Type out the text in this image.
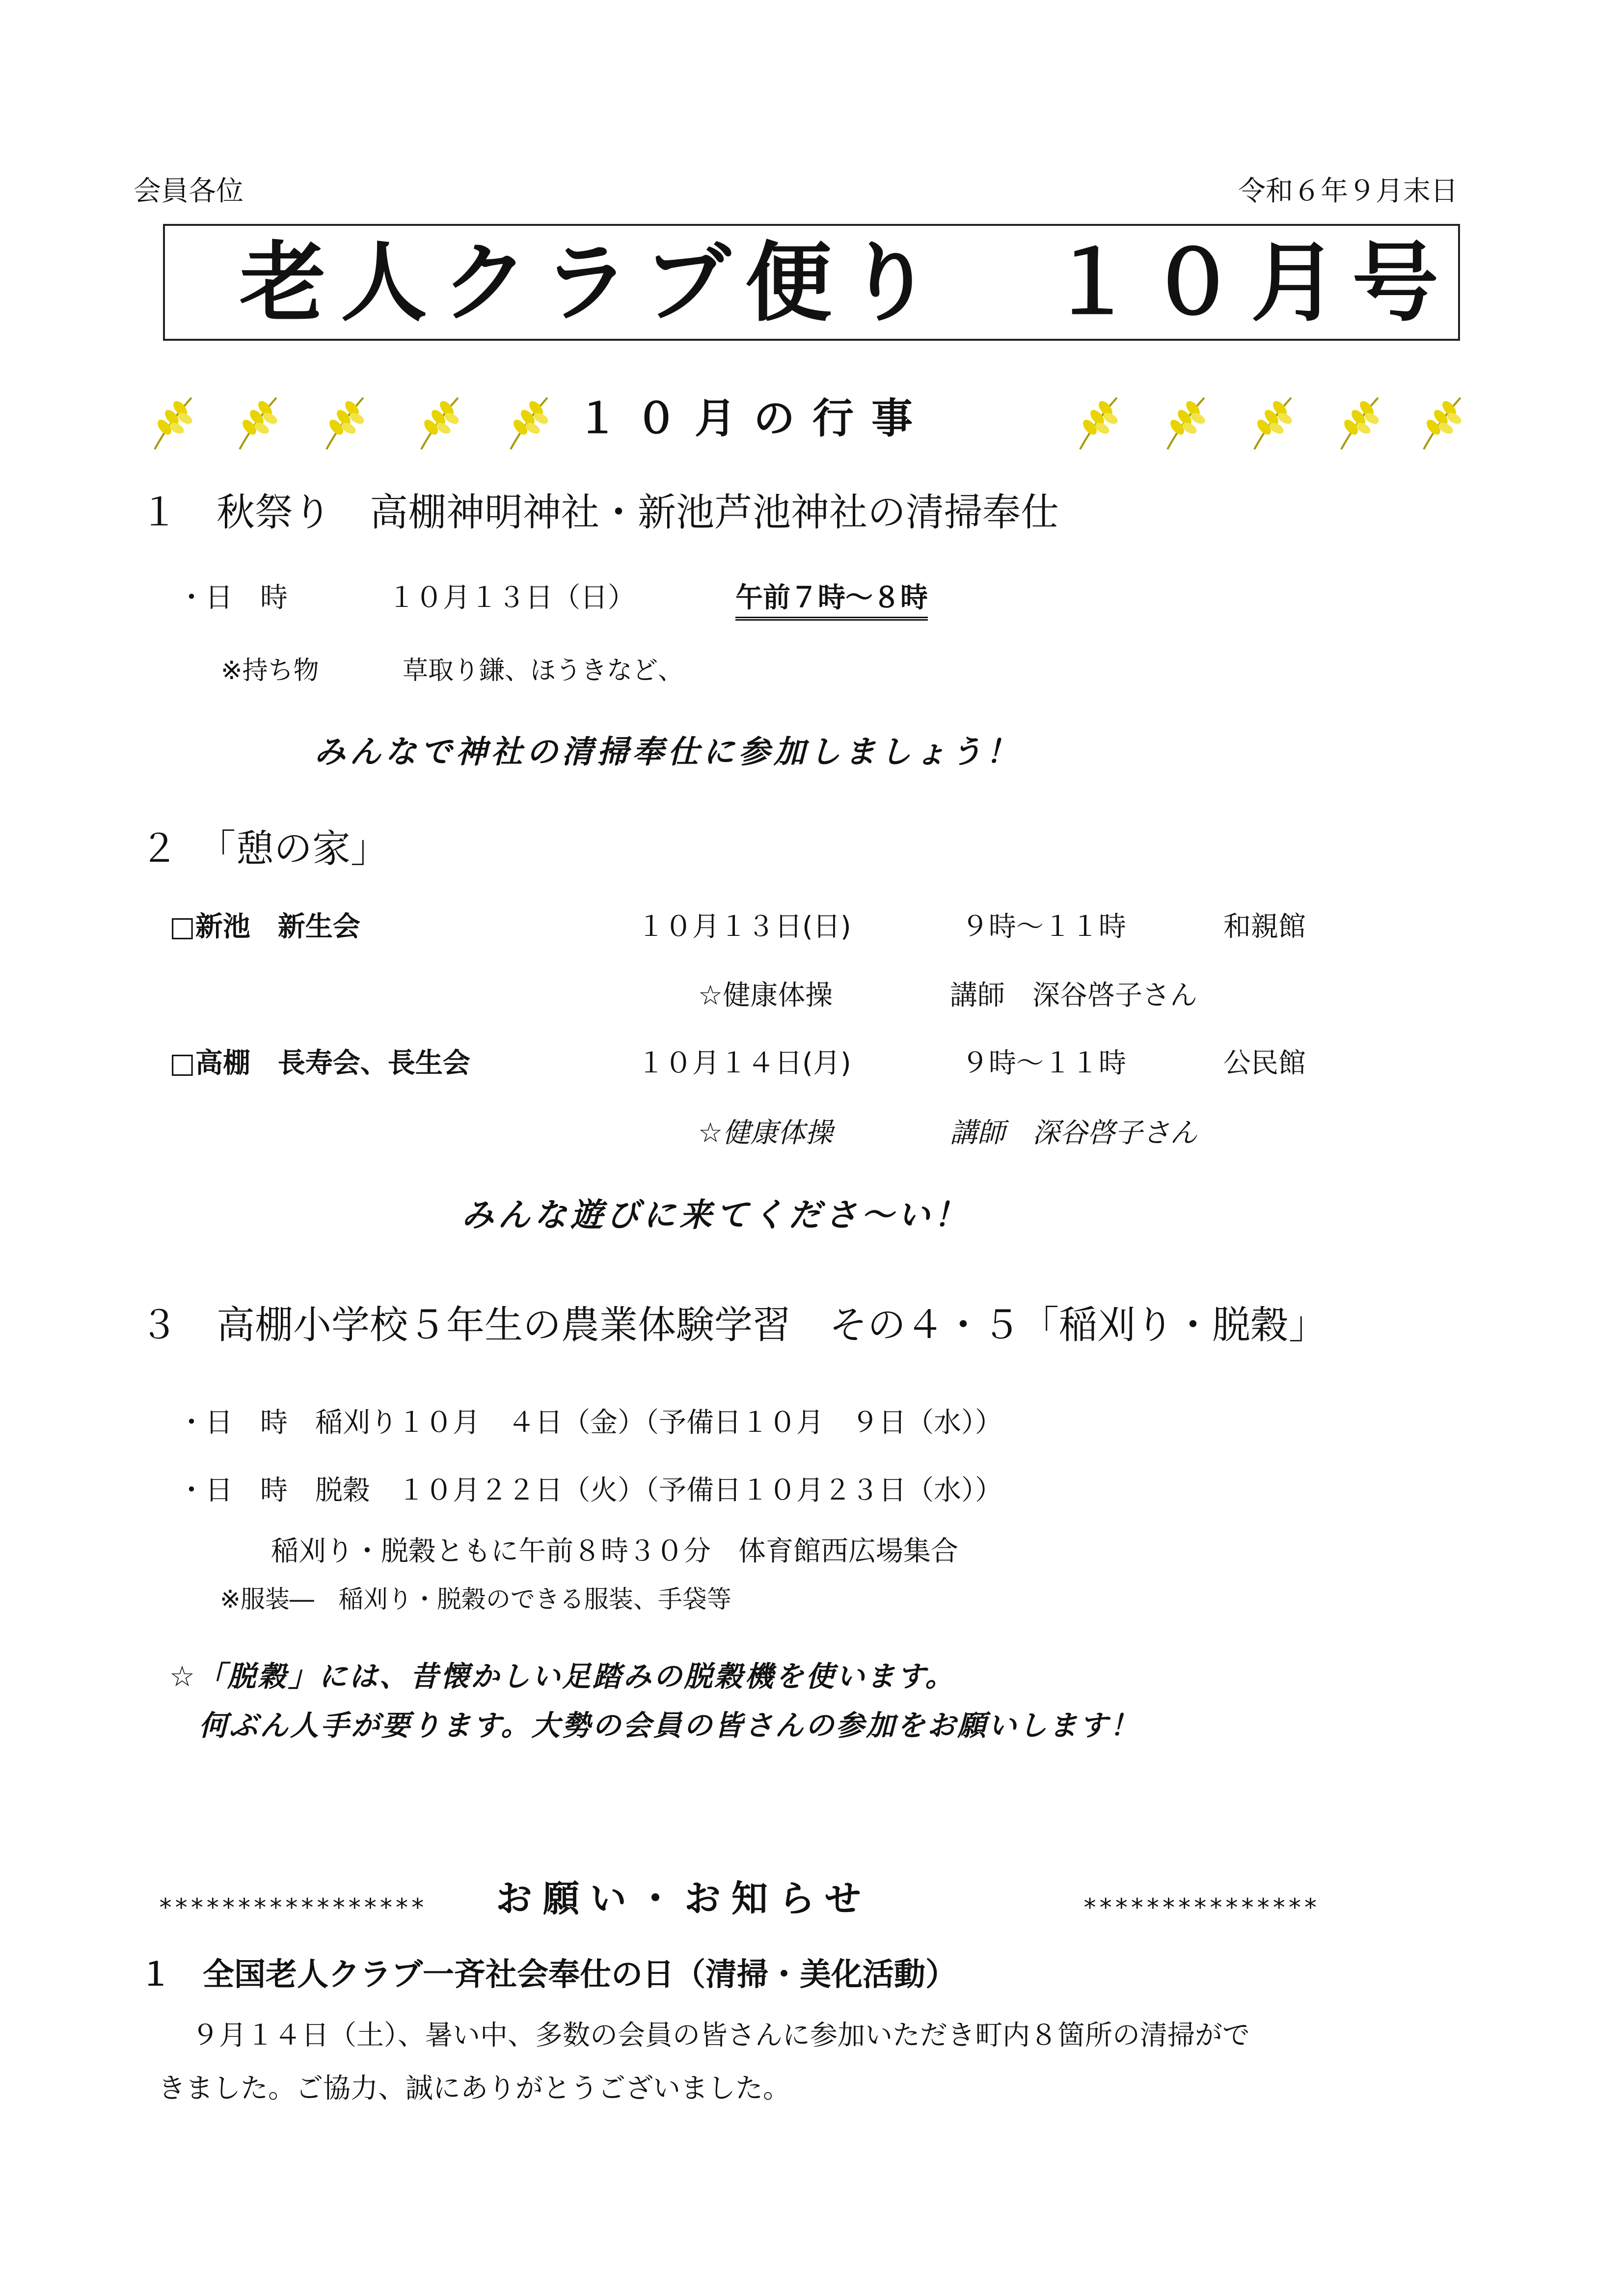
会員各位	令和６年９月末日
老人クラブ便り　１０月号
１０月の行事
１　秋祭り　高棚神明神社・新池芦池神社の清掃奉仕
・日　時	１０月１３日（日）	午前７時～８時
※持ち物	草取り鎌、ほうきなど、
みんなで神社の清掃奉仕に参加しましょう！
２　「憩の家」
□新池　新生会	１０月１３日(日)	９時～１１時	和親館
☆健康体操	講師　深谷啓子さん
□高棚　長寿会、長生会	１０月１４日(月)	９時～１１時	公民館
☆健康体操	講師　深谷啓子さん
みんな遊びに来てくださ～い！
３　高棚小学校５年生の農業体験学習　その４・５「稲刈り・脱穀」
・日　時　稲刈り１０月　４日（金）（予備日１０月　９日（水））
・日　時　脱穀　１０月２２日（火）（予備日１０月２３日（水））
稲刈り・脱穀ともに午前８時３０分　体育館西広場集合
※服装―　稲刈り・脱穀のできる服装、手袋等
☆「脱穀」には、昔懐かしい足踏みの脱穀機を使います。
何ぶん人手が要ります。大勢の会員の皆さんの参加をお願いします！
***************** お願い・お知らせ	***************
１　全国老人クラブ一斉社会奉仕の日（清掃・美化活動）
９月１４日（土）、暑い中、多数の会員の皆さんに参加いただき町内８箇所の清掃がで
きました。ご協力、誠にありがとうございました。
